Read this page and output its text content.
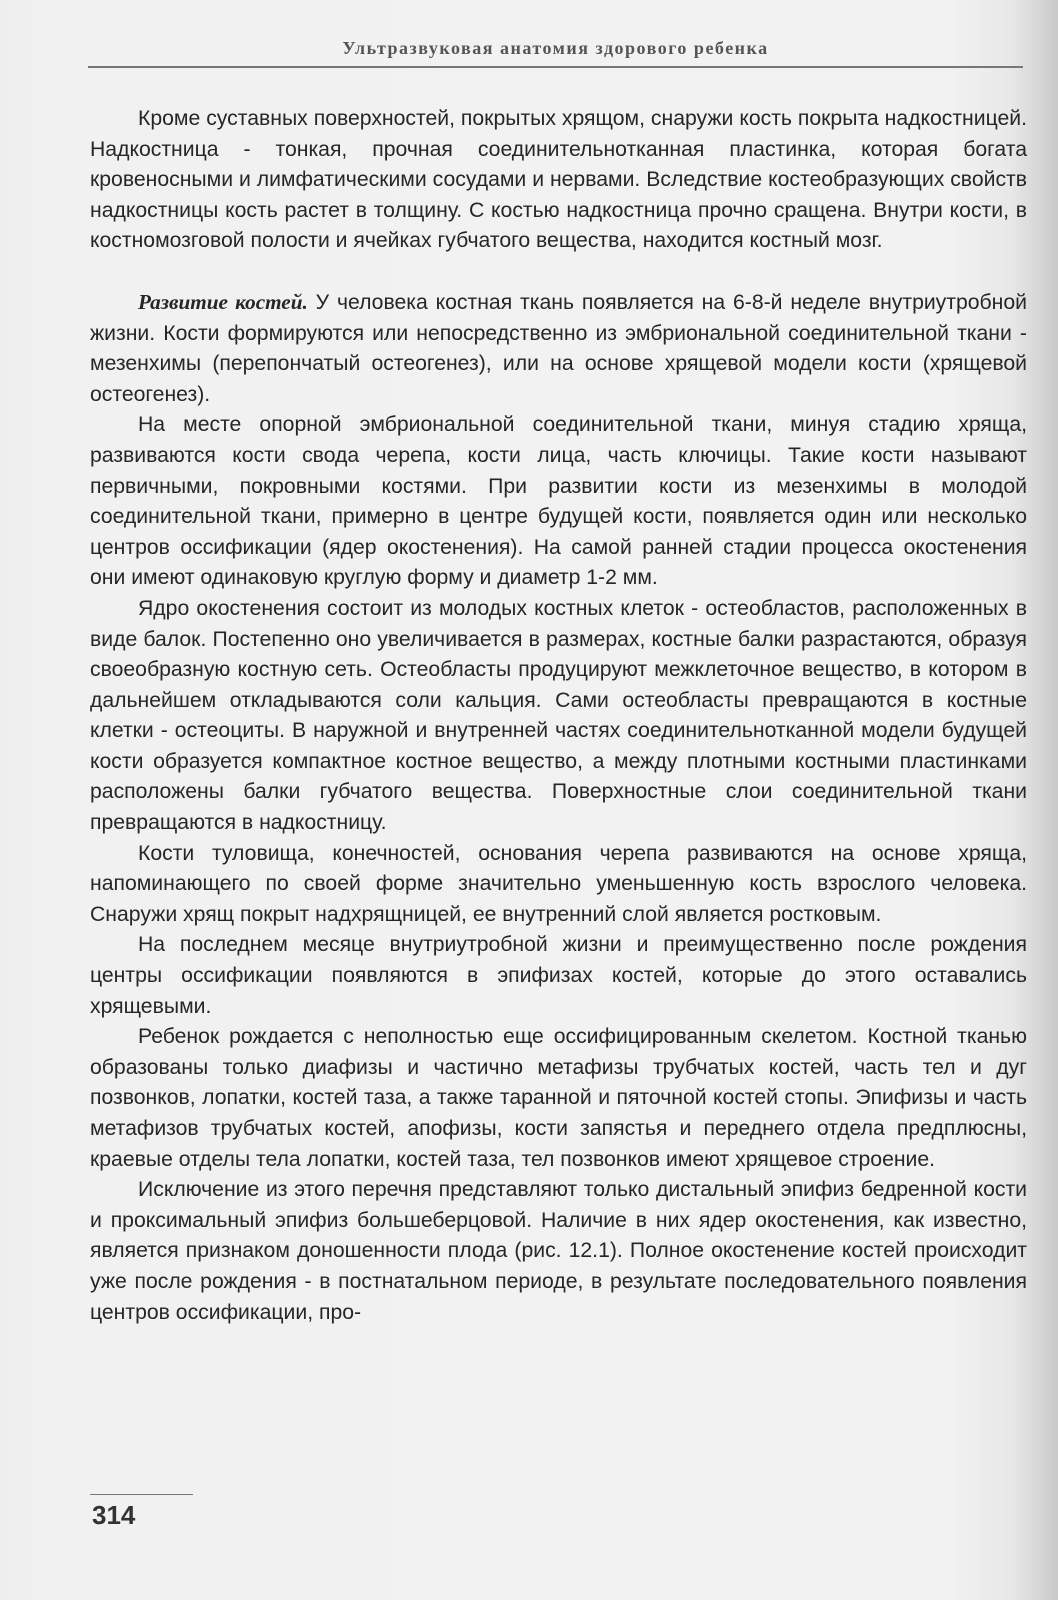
Ультразвуковая анатомия здорового ребенка

Кроме суставных поверхностей, покрытых хрящом, снаружи кость покрыта надкостницей. Надкостница - тонкая, прочная соединительнотканная пластинка, которая богата кровеносными и лимфатическими сосудами и нервами. Вследствие костеобразующих свойств надкостницы кость растет в толщину. С костью надкостница прочно сращена. Внутри кости, в костномозговой полости и ячейках губчатого вещества, находится костный мозг.

Развитие костей. У человека костная ткань появляется на 6-8-й неделе внутриутробной жизни. Кости формируются или непосредственно из эмбриональной соединительной ткани - мезенхимы (перепончатый остеогенез), или на основе хрящевой модели кости (хрящевой остеогенез).

На месте опорной эмбриональной соединительной ткани, минуя стадию хряща, развиваются кости свода черепа, кости лица, часть ключицы. Такие кости называют первичными, покровными костями. При развитии кости из мезенхимы в молодой соединительной ткани, примерно в центре будущей кости, появляется один или несколько центров оссификации (ядер окостенения). На самой ранней стадии процесса окостенения они имеют одинаковую круглую форму и диаметр 1-2 мм.

Ядро окостенения состоит из молодых костных клеток - остеобластов, расположенных в виде балок. Постепенно оно увеличивается в размерах, костные балки разрастаются, образуя своеобразную костную сеть. Остеобласты продуцируют межклеточное вещество, в котором в дальнейшем откладываются соли кальция. Сами остеобласты превращаются в костные клетки - остеоциты. В наружной и внутренней частях соединительнотканной модели будущей кости образуется компактное костное вещество, а между плотными костными пластинками расположены балки губчатого вещества. Поверхностные слои соединительной ткани превращаются в надкостницу.

Кости туловища, конечностей, основания черепа развиваются на основе хряща, напоминающего по своей форме значительно уменьшенную кость взрослого человека. Снаружи хрящ покрыт надхрящницей, ее внутренний слой является ростковым.

На последнем месяце внутриутробной жизни и преимущественно после рождения центры оссификации появляются в эпифизах костей, которые до этого оставались хрящевыми.

Ребенок рождается с неполностью еще оссифицированным скелетом. Костной тканью образованы только диафизы и частично метафизы трубчатых костей, часть тел и дуг позвонков, лопатки, костей таза, а также таранной и пяточной костей стопы. Эпифизы и часть метафизов трубчатых костей, апофизы, кости запястья и переднего отдела предплюсны, краевые отделы тела лопатки, костей таза, тел позвонков имеют хрящевое строение.

Исключение из этого перечня представляют только дистальный эпифиз бедренной кости и проксимальный эпифиз большеберцовой. Наличие в них ядер окостенения, как известно, является признаком доношенности плода (рис. 12.1). Полное окостенение костей происходит уже после рождения - в постнатальном периоде, в результате последовательного появления центров оссификации, про-

314
